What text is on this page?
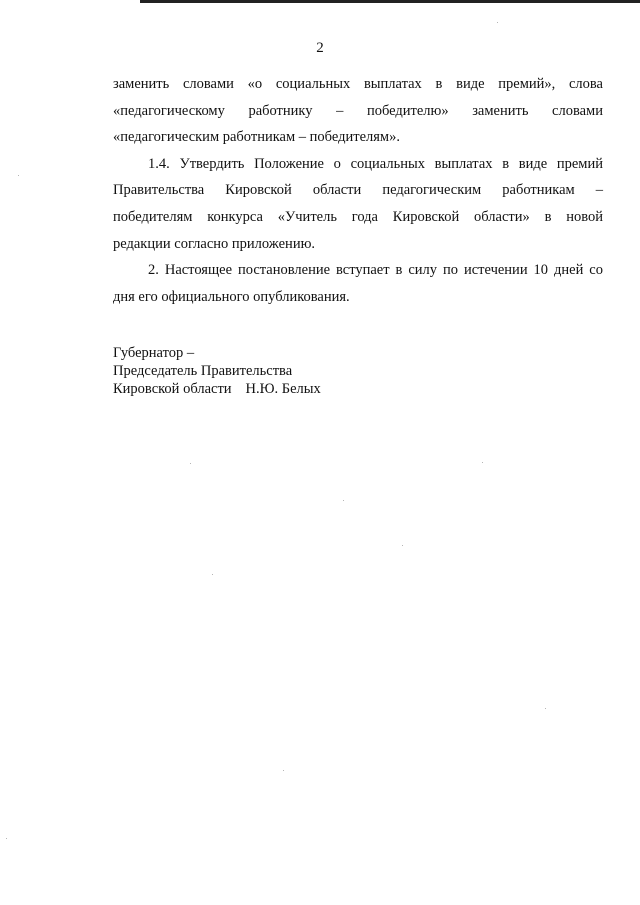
2

заменить словами «о социальных выплатах в виде премий», слова
«педагогическому работнику – победителю» заменить словами
«педагогическим работникам – победителям».

1.4. Утвердить Положение о социальных выплатах в виде премий
Правительства Кировской области педагогическим работникам –
победителям конкурса «Учитель года Кировской области» в новой
редакции согласно приложению.

2. Настоящее постановление вступает в силу по истечении 10 дней со
дня его официального опубликования.

Губернатор –
Председатель Правительства
Кировской области Н.Ю. Белых
